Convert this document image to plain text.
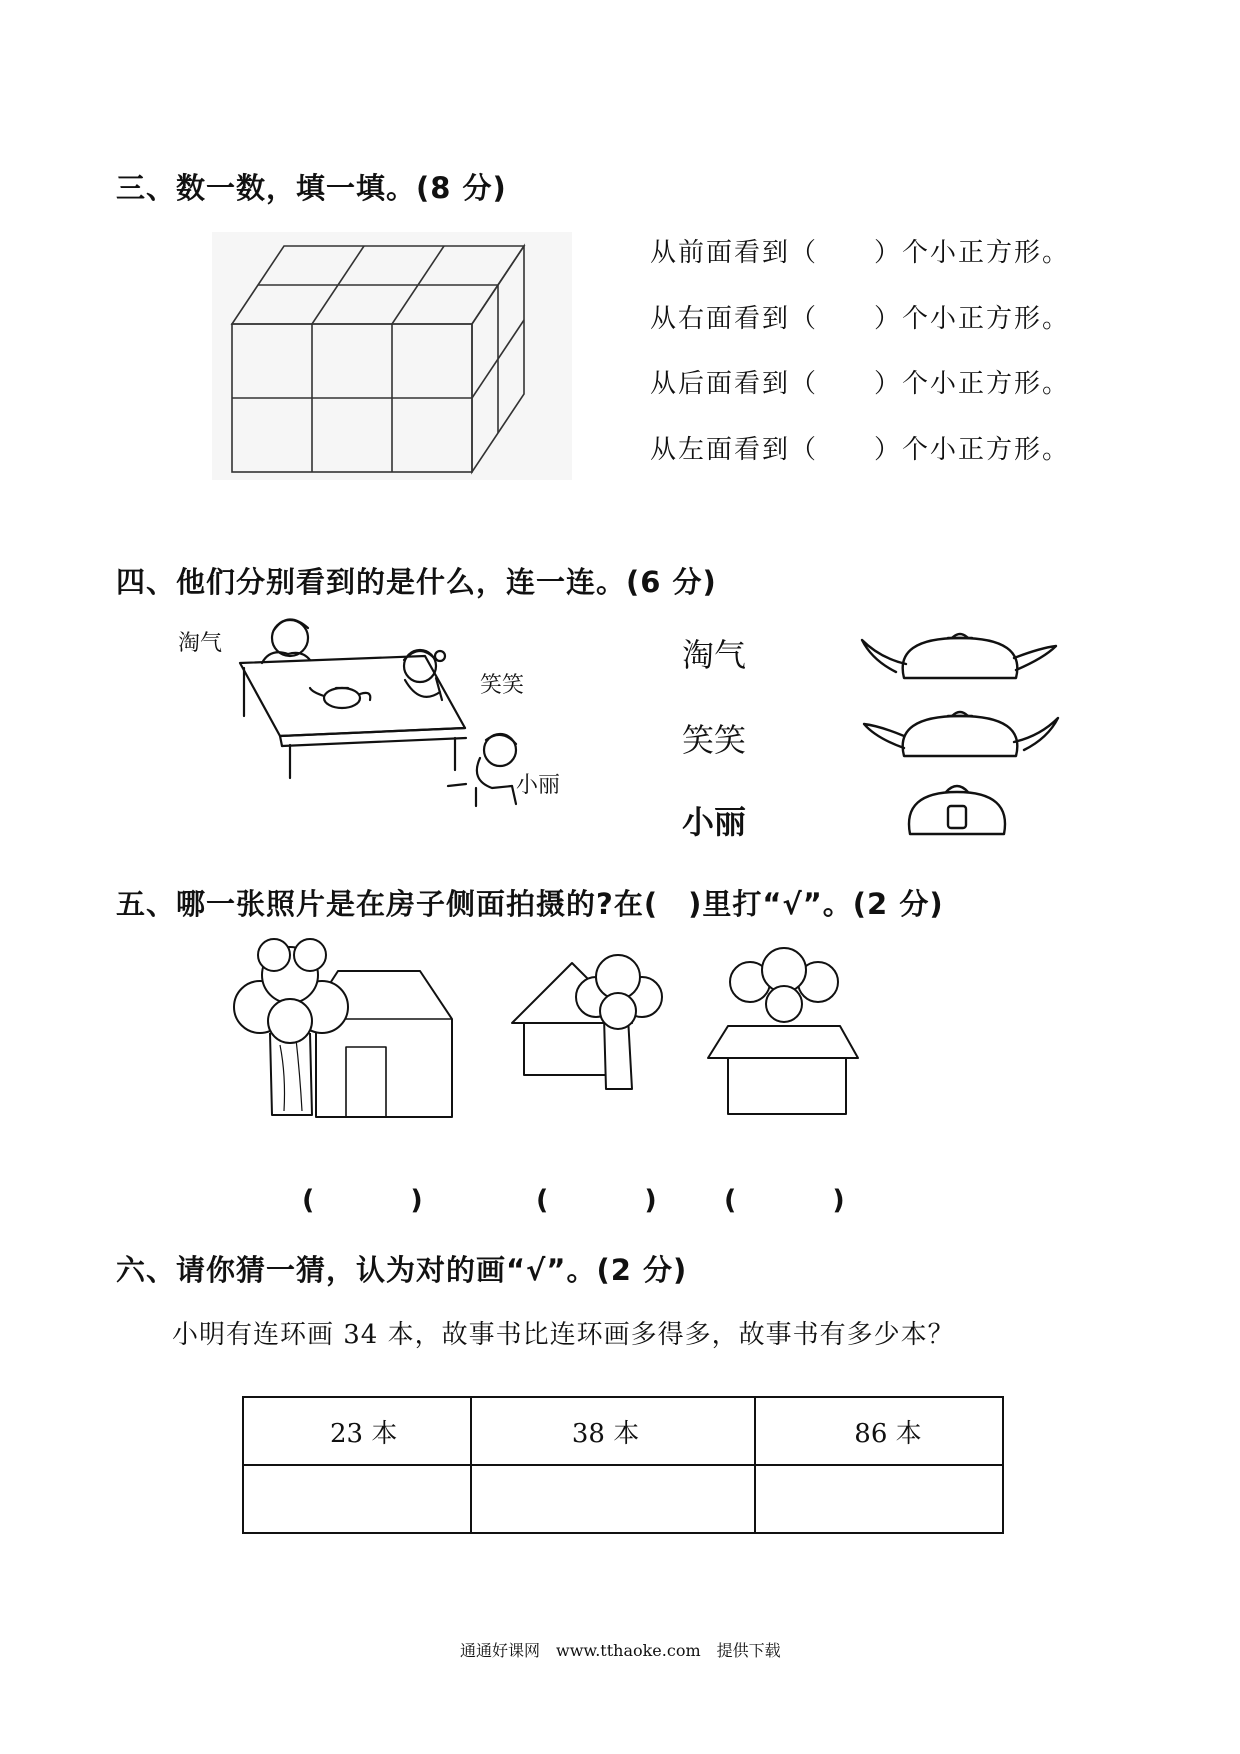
三、数一数，填一填。(8 分)
从前面看到（　　）个小正方形。
从右面看到（　　）个小正方形。
从后面看到（　　）个小正方形。
从左面看到（　　）个小正方形。
四、他们分别看到的是什么，连一连。(6 分)
淘气
笑笑
小丽
淘气
笑笑
小丽
五、哪一张照片是在房子侧面拍摄的?在(　)里打“√”。(2 分)
(　　)	(　　) (　　)
六、请你猜一猜，认为对的画“√”。(2 分)
小明有连环画 34 本，故事书比连环画多得多，故事书有多少本？
23 本	38 本	86 本

通通好课网　www.tthaoke.com　提供下载
